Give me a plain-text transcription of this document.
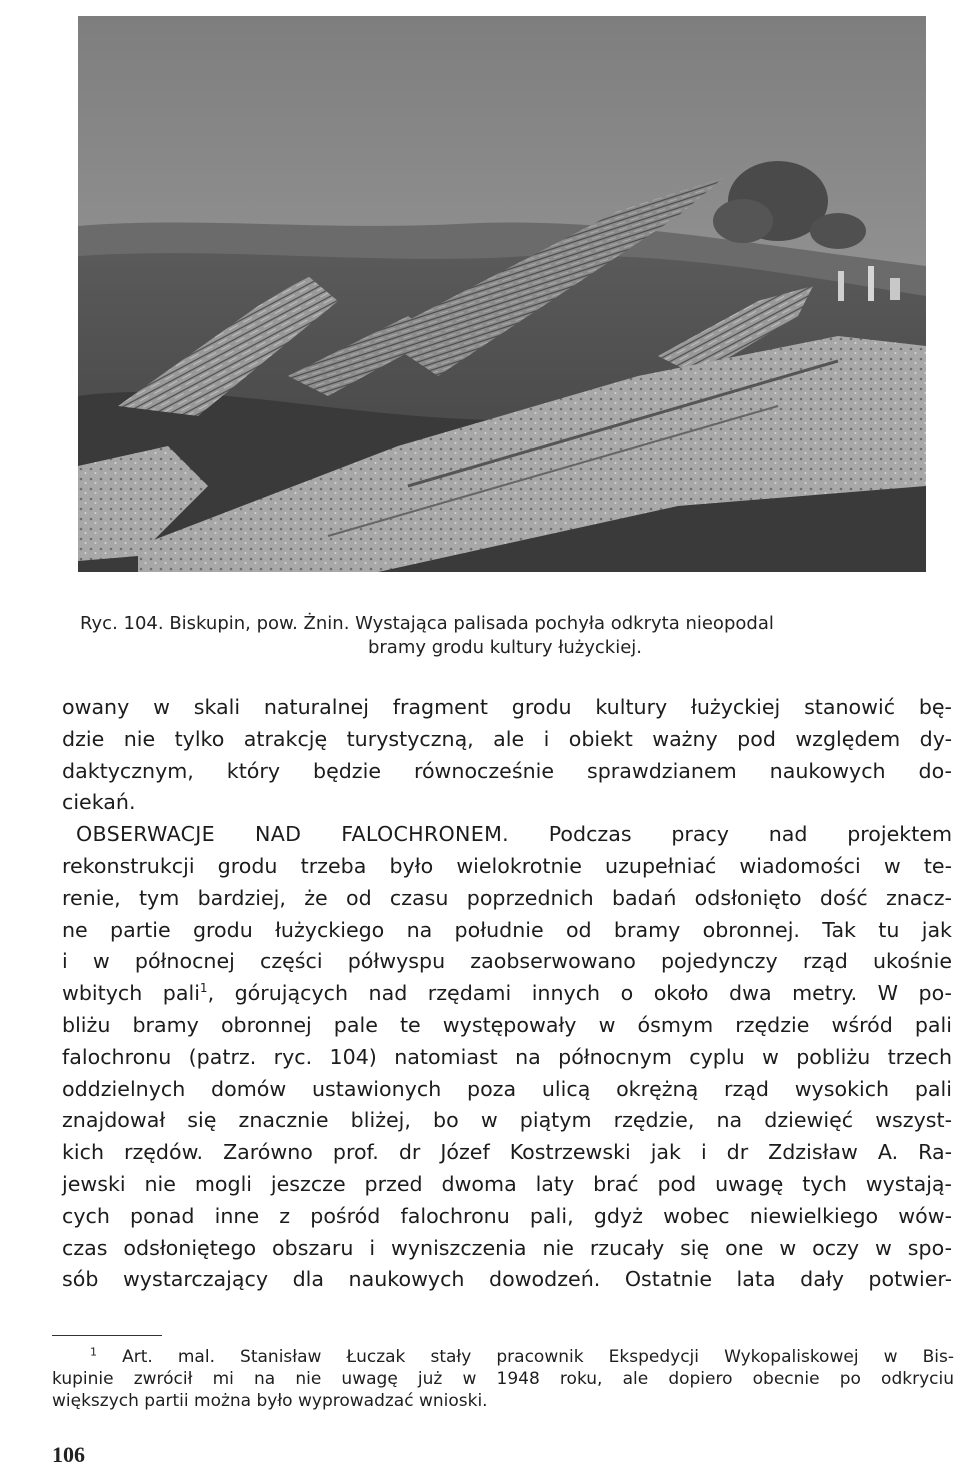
Ryc. 104. Biskupin, pow. Żnin. Wystająca palisada pochyła odkryta nieopodal
bramy grodu kultury łużyckiej.
owany w skali naturalnej fragment grodu kultury łużyckiej stanowić bę-
dzie nie tylko atrakcję turystyczną, ale i obiekt ważny pod względem dy-
daktycznym, który będzie równocześnie sprawdzianem naukowych do-
ciekań.
OBSERWACJE NAD FALOCHRONEM. Podczas pracy nad projektem
rekonstrukcji grodu trzeba było wielokrotnie uzupełniać wiadomości w te-
renie, tym bardziej, że od czasu poprzednich badań odsłonięto dość znacz-
ne partie grodu łużyckiego na południe od bramy obronnej. Tak tu jak
i w północnej części półwyspu zaobserwowano pojedynczy rząd ukośnie
wbitych pali$^1$, górujących nad rzędami innych o około dwa metry. W po-
bliżu bramy obronnej pale te występowały w ósmym rzędzie wśród pali
falochronu (patrz. ryc. 104) natomiast na północnym cyplu w pobliżu trzech
oddzielnych domów ustawionych poza ulicą okrężną rząd wysokich pali
znajdował się znacznie bliżej, bo w piątym rzędzie, na dziewięć wszyst-
kich rzędów. Zarówno prof. dr Józef Kostrzewski jak i dr Zdzisław A. Ra-
jewski nie mogli jeszcze przed dwoma laty brać pod uwagę tych wystają-
cych ponad inne z pośród falochronu pali, gdyż wobec niewielkiego wów-
czas odsłoniętego obszaru i wyniszczenia nie rzucały się one w oczy w spo-
sób wystarczający dla naukowych dowodzeń. Ostatnie lata dały potwier-
$^1$ Art. mal. Stanisław Łuczak stały pracownik Ekspedycji Wykopaliskowej w Bis-
kupinie zwrócił mi na nie uwagę już w 1948 roku, ale dopiero obecnie po odkryciu
większych partii można było wyprowadzać wnioski.
106
